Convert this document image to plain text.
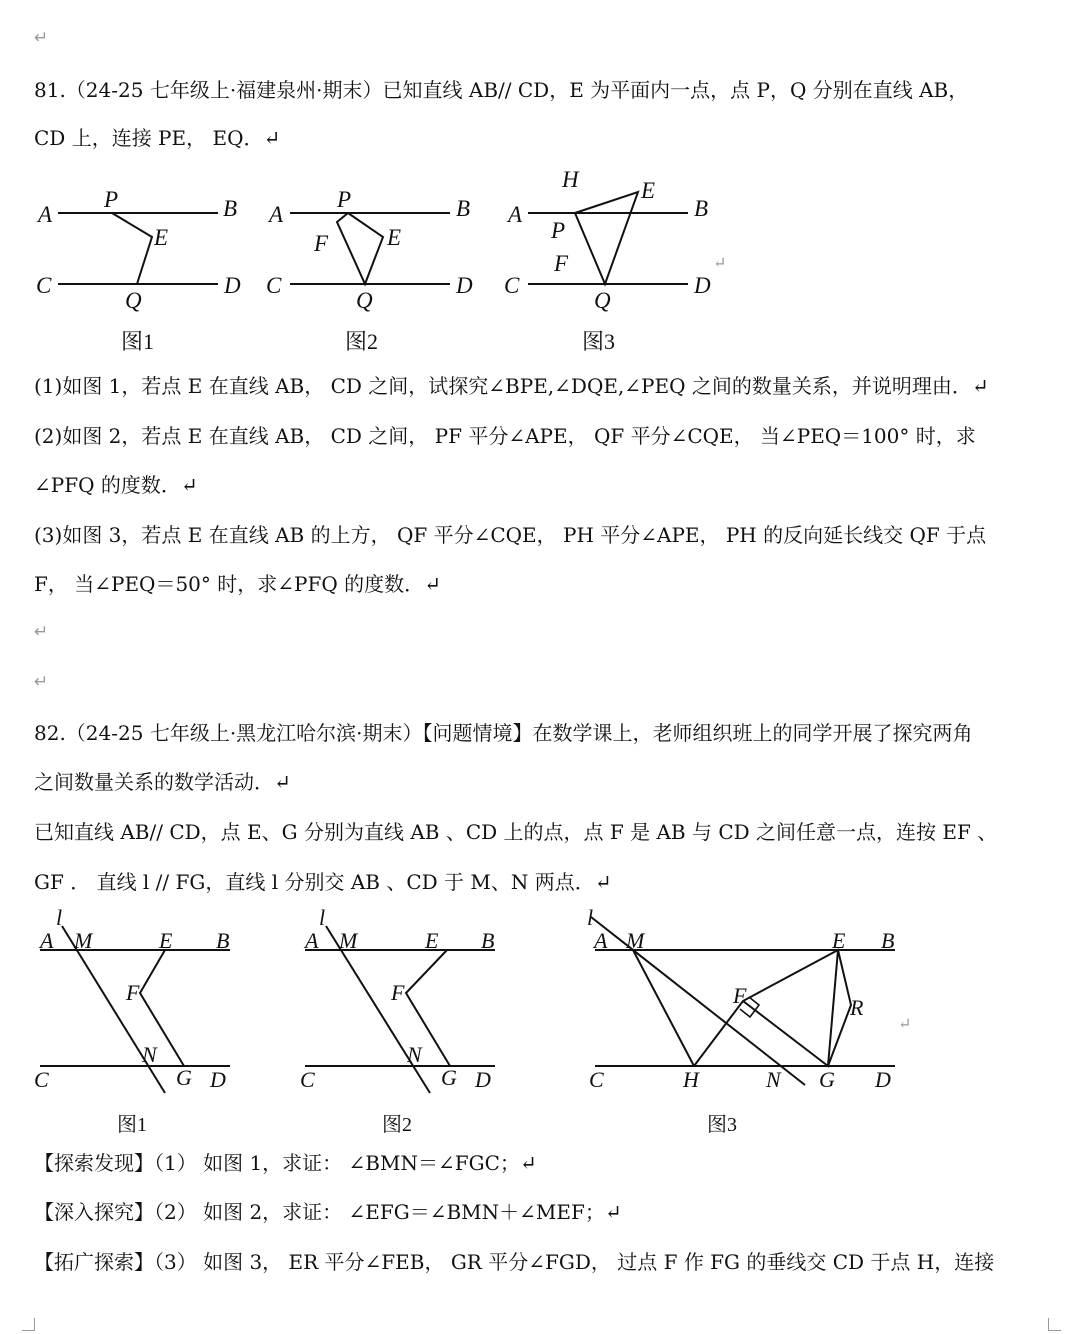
↵
81.（24-25 七年级上·福建泉州·期末）已知直线 AB// CD，E 为平面内一点，点 P，Q 分别在直线 AB，
CD 上，连接 PE， EQ．↵
A
P	B
E
C	D
Q
A
P	B
F	E
C	D
Q
H	E
A	B
P
F
C	D
Q
图1	图2	图3
↵
(1)如图 1，若点 E 在直线 AB， CD 之间，试探究∠BPE,∠DQE,∠PEQ 之间的数量关系，并说明理由．↵
(2)如图 2，若点 E 在直线 AB， CD 之间， PF 平分∠APE， QF 平分∠CQE， 当∠PEQ＝100° 时，求
∠PFQ 的度数．↵
(3)如图 3，若点 E 在直线 AB 的上方， QF 平分∠CQE， PH 平分∠APE， PH 的反向延长线交 QF 于点
F， 当∠PEQ＝50° 时，求∠PFQ 的度数．↵
↵
↵
82.（24-25 七年级上·黑龙江哈尔滨·期末）【问题情境】在数学课上，老师组织班上的同学开展了探究两角
之间数量关系的数学活动．↵
已知直线 AB// CD，点 E、G 分别为直线 AB 、CD 上的点，点 F 是 AB 与 CD 之间任意一点，连按 EF 、
GF ． 直线 l // FG，直线 l 分别交 AB 、CD 于 M、N 两点．↵
l
A M	E B
F
N
C	G D
l
A M	E B
F
N
C	G D
l
A M	E B
F	R
C	H	N G D
图1	图2	图3
↵
【探索发现】（1） 如图 1，求证： ∠BMN＝∠FGC；↵
【深入探究】（2） 如图 2，求证： ∠EFG＝∠BMN＋∠MEF；↵
【拓广探索】（3） 如图 3， ER 平分∠FEB， GR 平分∠FGD， 过点 F 作 FG 的垂线交 CD 于点 H，连接
